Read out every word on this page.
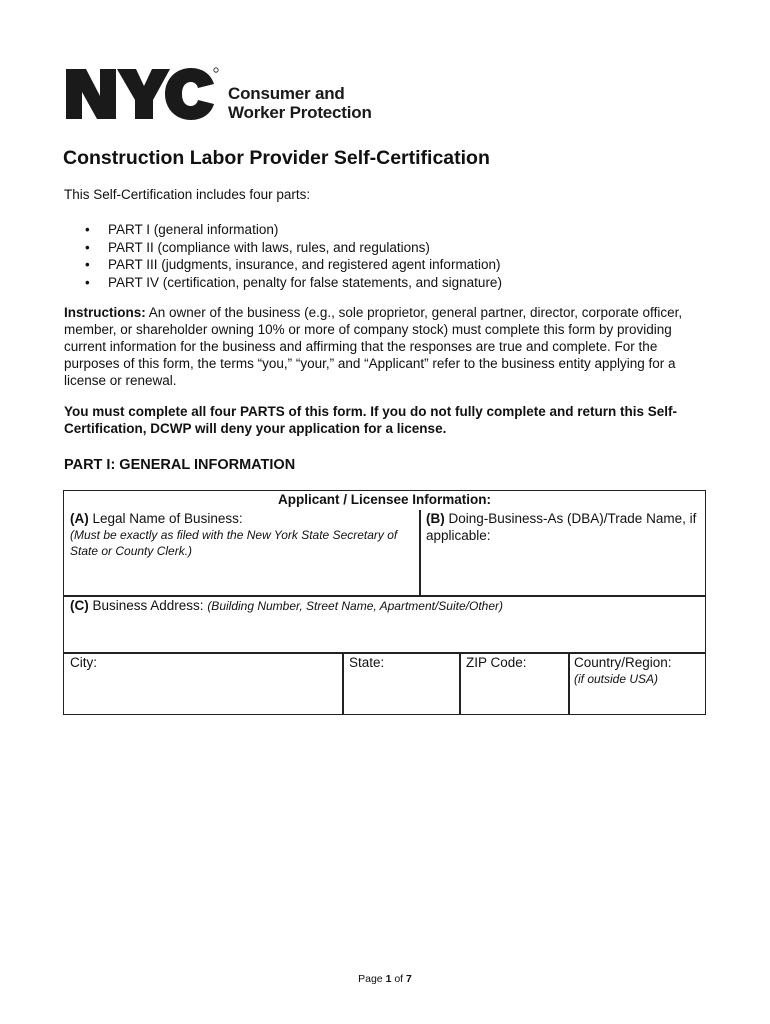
Consumer and
Worker Protection
Construction Labor Provider Self-Certification

This Self-Certification includes four parts:

• PART I (general information)
• PART II (compliance with laws, rules, and regulations)
• PART III (judgments, insurance, and registered agent information)
• PART IV (certification, penalty for false statements, and signature)

Instructions: An owner of the business (e.g., sole proprietor, general partner, director, corporate officer, member, or shareholder owning 10% or more of company stock) must complete this form by providing current information for the business and affirming that the responses are true and complete. For the purposes of this form, the terms “you,” “your,” and “Applicant” refer to the business entity applying for a license or renewal.

You must complete all four PARTS of this form. If you do not fully complete and return this Self-Certification, DCWP will deny your application for a license.

PART I: GENERAL INFORMATION
Applicant / Licensee Information:
(A) Legal Name of Business:
(Must be exactly as filed with the New York State Secretary of State or County Clerk.)
(B) Doing-Business-As (DBA)/Trade Name, if applicable:
(C) Business Address: (Building Number, Street Name, Apartment/Suite/Other)
City:	State:	ZIP Code:	Country/Region:
(if outside USA)
Page 1 of 7
